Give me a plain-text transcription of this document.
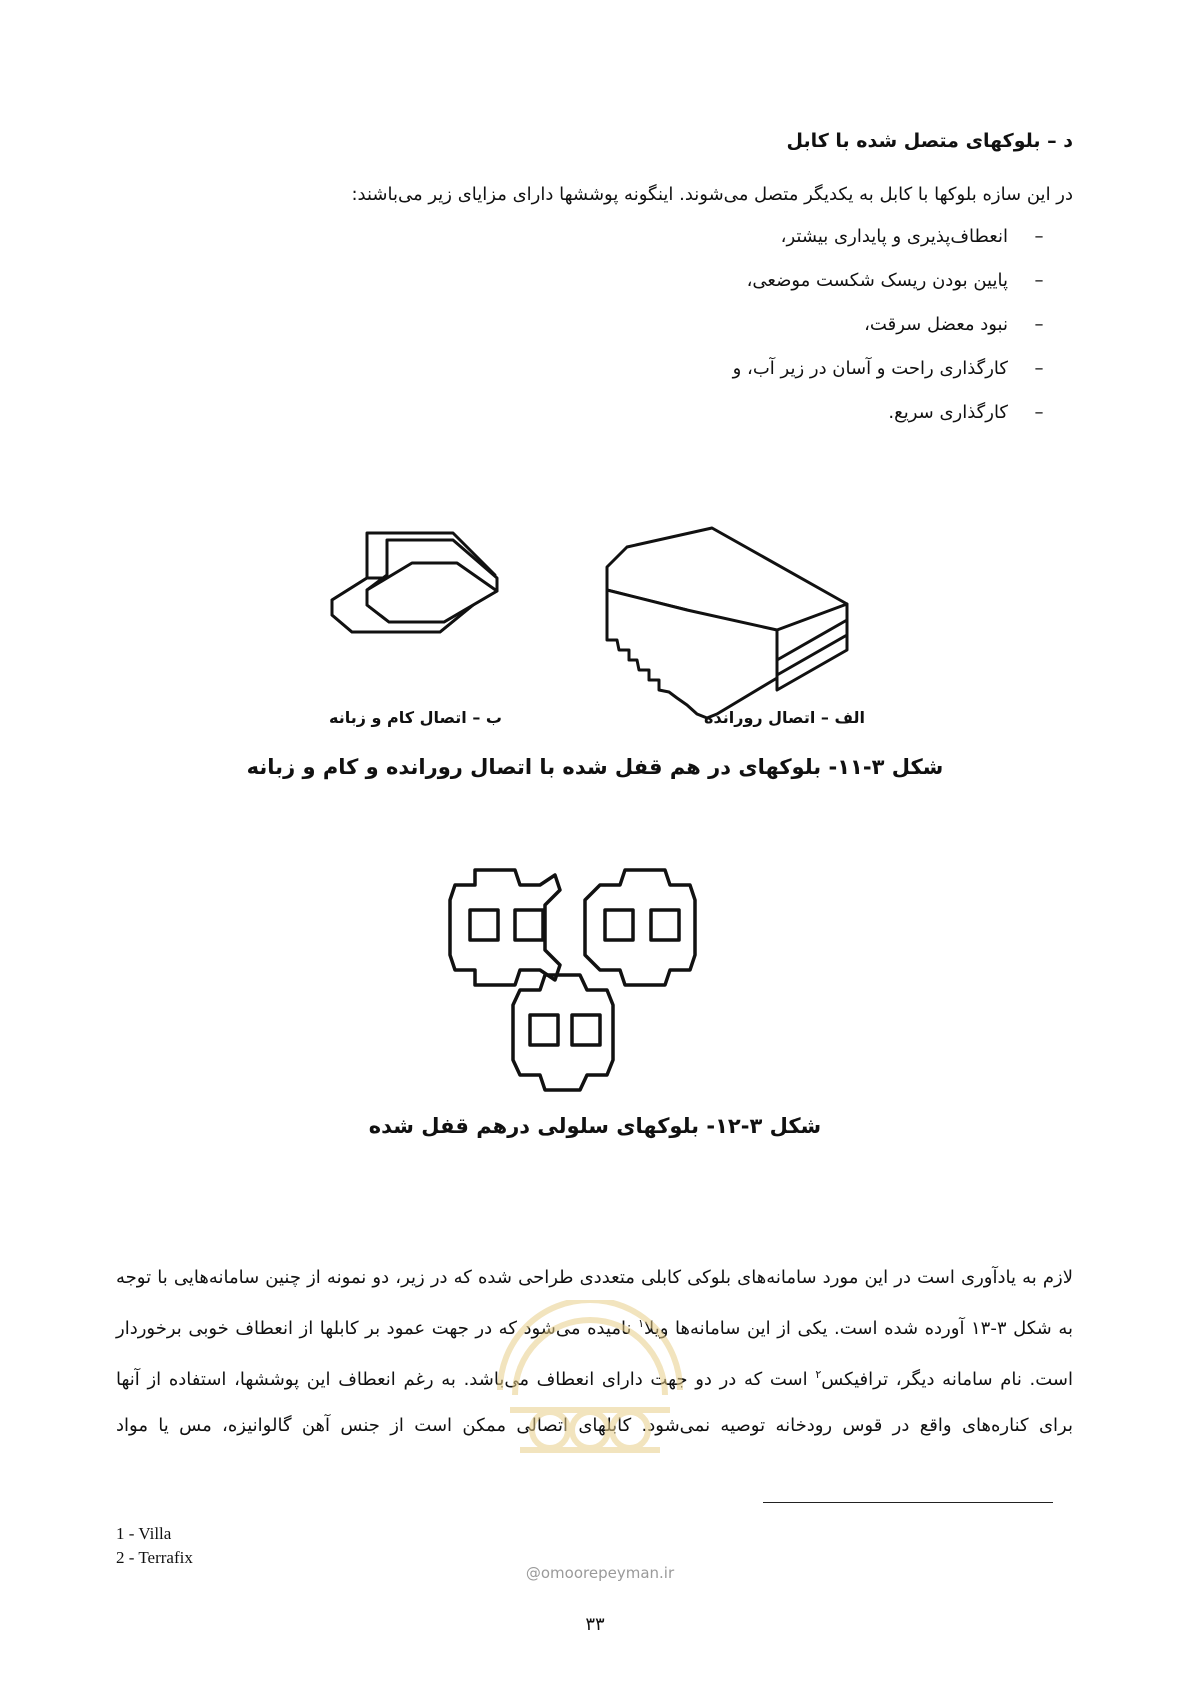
د – بلوکهای متصل شده با کابل
در این سازه بلوکها با کابل به یکدیگر متصل می‌شوند. اینگونه پوششها دارای مزایای زیر می‌باشند:
–
انعطاف‌پذیری و پایداری بیشتر،
–
پایین بودن ریسک شکست موضعی،
–
نبود معضل سرقت،
–
کارگذاری راحت و آسان در زیر آب، و
–
کارگذاری سریع.
الف – اتصال رورانده
ب – اتصال کام و زبانه
شکل ۳-۱۱- بلوکهای در هم قفل شده با اتصال رورانده و کام و زبانه
شکل ۳-۱۲- بلوکهای سلولی درهم قفل شده

لازم به یادآوری است در این مورد سامانه‌های بلوکی کابلی متعددی طراحی شده که در زیر، دو نمونه از چنین سامانه‌هایی با توجه به شکل ۳-۱۳ آورده شده است. یکی از این سامانه‌ها ویلا$^۱$ نامیده می‌شود که در جهت عمود بر کابلها از انعطاف خوبی برخوردار است. نام سامانه دیگر، ترافیکس$^۲$ است که در دو جهت دارای انعطاف می‌باشد. به رغم انعطاف این پوششها، استفاده از آنها برای کناره‌های واقع در قوس رودخانه توصیه نمی‌شود. کابلهای اتصالی ممکن است از جنس آهن گالوانیزه، مس یا مواد

1 - Villa
2 - Terrafix
@omoorepeyman.ir
۳۳
